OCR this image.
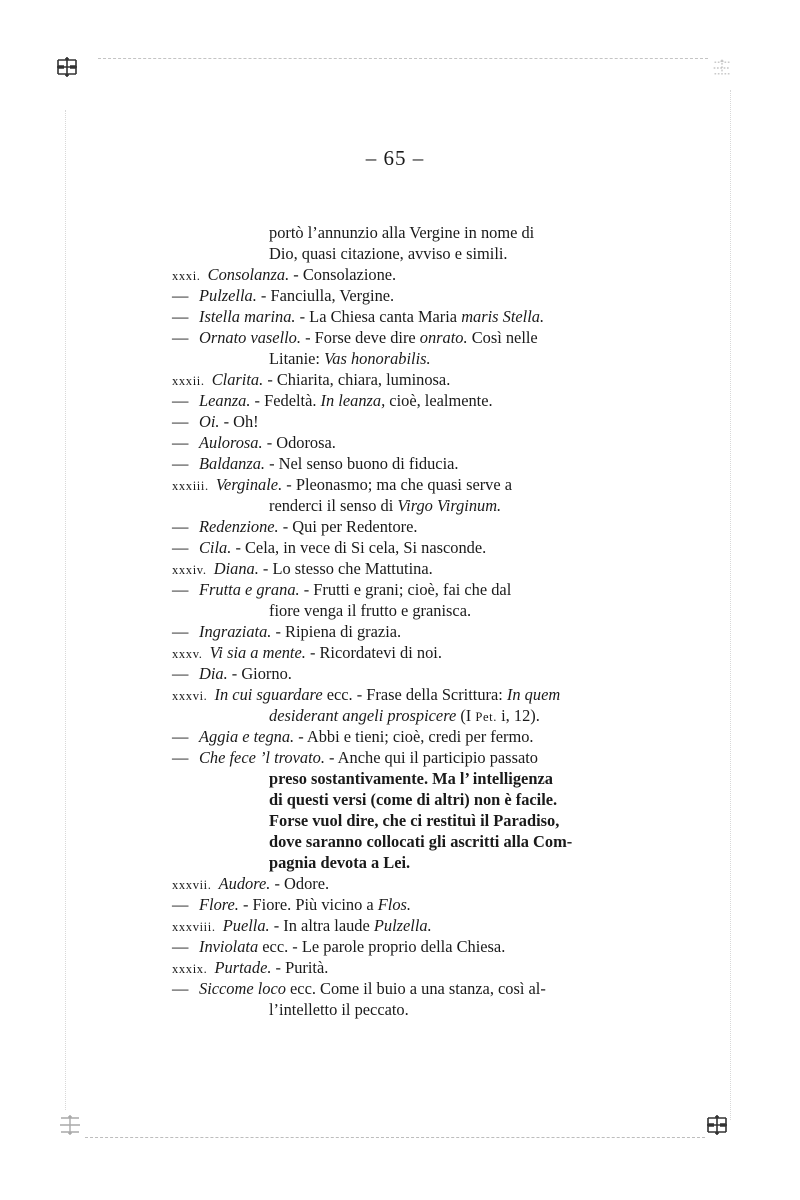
– 65 –
portò l’annunzio alla Vergine in nome di
Dio, quasi citazione, avviso e simili.
xxxi. Consolanza. - Consolazione.
— Pulzella. - Fanciulla, Vergine.
— Istella marina. - La Chiesa canta Maria maris Stella.
— Ornato vasello. - Forse deve dire onrato. Così nelle
Litanie: Vas honorabilis.
xxxii. Clarita. - Chiarita, chiara, luminosa.
— Leanza. - Fedeltà. In leanza, cioè, lealmente.
— Oi. - Oh!
— Aulorosa. - Odorosa.
— Baldanza. - Nel senso buono di fiducia.
xxxiii. Verginale. - Pleonasmo; ma che quasi serve a
renderci il senso di Virgo Virginum.
— Redenzione. - Qui per Redentore.
— Cila. - Cela, in vece di Si cela, Si nasconde.
xxxiv. Diana. - Lo stesso che Mattutina.
— Frutta e grana. - Frutti e grani; cioè, fai che dal
fiore venga il frutto e granisca.
— Ingraziata. - Ripiena di grazia.
xxxv. Vi sia a mente. - Ricordatevi di noi.
— Dia. - Giorno.
xxxvi. In cui sguardare ecc. - Frase della Scrittura: In quem
desiderant angeli prospicere (I Pet. i, 12).
— Aggia e tegna. - Abbi e tieni; cioè, credi per fermo.
— Che fece ’l trovato. - Anche qui il participio passato
preso sostantivamente. Ma l’ intelligenza
di questi versi (come di altri) non è facile.
Forse vuol dire, che ci restituì il Paradiso,
dove saranno collocati gli ascritti alla Com-
pagnia devota a Lei.
xxxvii. Audore. - Odore.
— Flore. - Fiore. Più vicino a Flos.
xxxviii. Puella. - In altra laude Pulzella.
— Inviolata ecc. - Le parole proprio della Chiesa.
xxxix. Purtade. - Purità.
— Siccome loco ecc. Come il buio a una stanza, così al-
l’intelletto il peccato.
